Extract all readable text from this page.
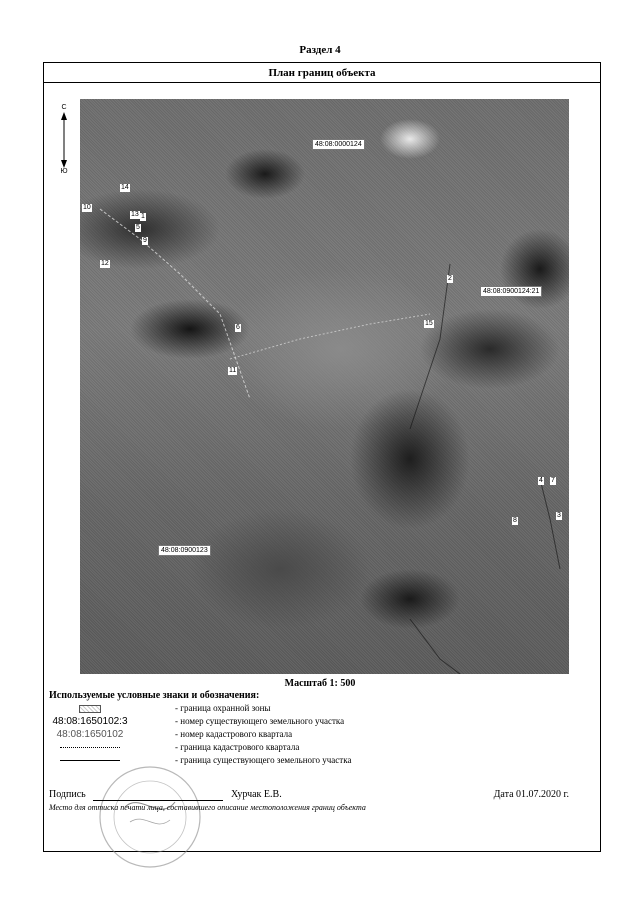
Раздел 4
План границ объекта
С
Ю
48:08:0000124
48:08:0900124:21
48:08:0900123
10
11
12
13
14
1
2
3
4
5
6
7
8
9
15
Масштаб 1: 500
Используемые условные знаки и обозначения:
- граница охранной зоны
48:08:1650102:3	- номер существующего земельного участка
48:08:1650102	- номер кадастрового квартала
- граница кадастрового квартала
- граница существующего земельного участка
Подпись	Хурчак Е.В.	Дата 01.07.2020 г.
Место для оттиска печати лица, составившего описание местоположения границ объекта
